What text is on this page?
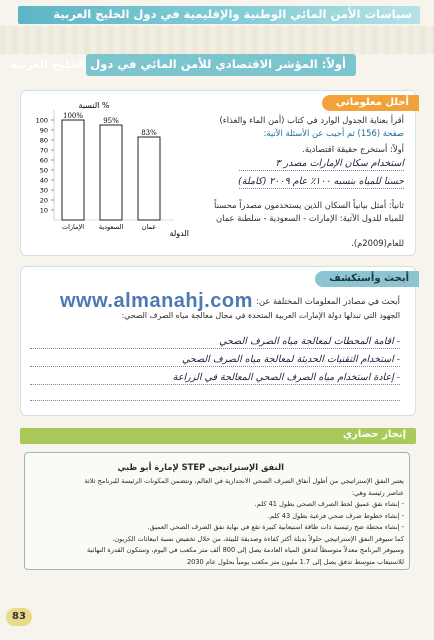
سياسات الأمن المائي الوطنية والإقليمية في دول الخليج العربية
أولاً: المؤشر الاقتصادي للأمن المائي في دول الخليج العربية
أحلل معلوماتي
أقرأ بعناية الجدول الوارد في كتاب (أمن الماء والغذاء)
صفحة (156) ثم أجيب عن الأسئلة الآتية:
أولاً: أستخرج حقيقة اقتصادية.
استخدام سكان الإمارات مصدر ٣
حسنا للمياه بنسبه ١٠٠٪ عام ٢٠٠٩ (كاملة)
ثانياً: أمثل بيانياً السكان الذين يستخدمون مصدراً محسناً
للمياه للدول الآتية: الإمارات - السعودية - سلطنة عمان
للعام(2009م).
النسبة %
الدولة
10
20
30
40
50
60
70
80
90
100
100%
الإمارات
95%
السعودية
83%
عمان
أبحث وأستكشف
أبحث في مصادر المعلومات المختلفة عن:
الجهود التي تبذلها دولة الإمارات العربية المتحدة في مجال معالجة مياه الصرف الصحي:
- اقامة المحطات لمعالجة مياه الصرف الصحي
- استخدام التقنيات الحديثة لمعالجة مياه الصرف الصحي
- إعادة استخدام مياه الصرف الصحي المعالجة في الزراعة
www.almanahj.com
إنجاز حضاري
النفق الإستراتيجي STEP لإمارة أبو ظبي
يعتبر النفق الإستراتيجي من أطول أنفاق الصرف الصحي الانحدارية في العالم، وتتضمن المكونات الرئيسة للبرنامج ثلاثة
عناصر رئيسة وهي:
- إنشاء نفق عميق لخط الصرف الصحي بطول 41 كلم.
- إنشاء خطوط صرف صحي فرعية بطول 43 كلم.
- إنشاء محطة ضخ رئيسية ذات طاقة استيعابية كبيرة تقع في نهاية نفق الصرف الصحي العميق.
كما سيوفر النفق الإستراتيجي حلولاً بديلة أكثر كفاءة وصديقة للبيئة، من خلال تخفيض نسبة انبعاثات الكربون.
وسيوفر البرنامج معدلاً متوسطاً لتدفق المياه العادمة يصل إلى 800 ألف متر مكعب في اليوم، وستكون القدرة النهائية
للاستيعاب متوسط تدفق يصل إلى 1.7 مليون متر مكعب يومياً بحلول عام 2030
83
